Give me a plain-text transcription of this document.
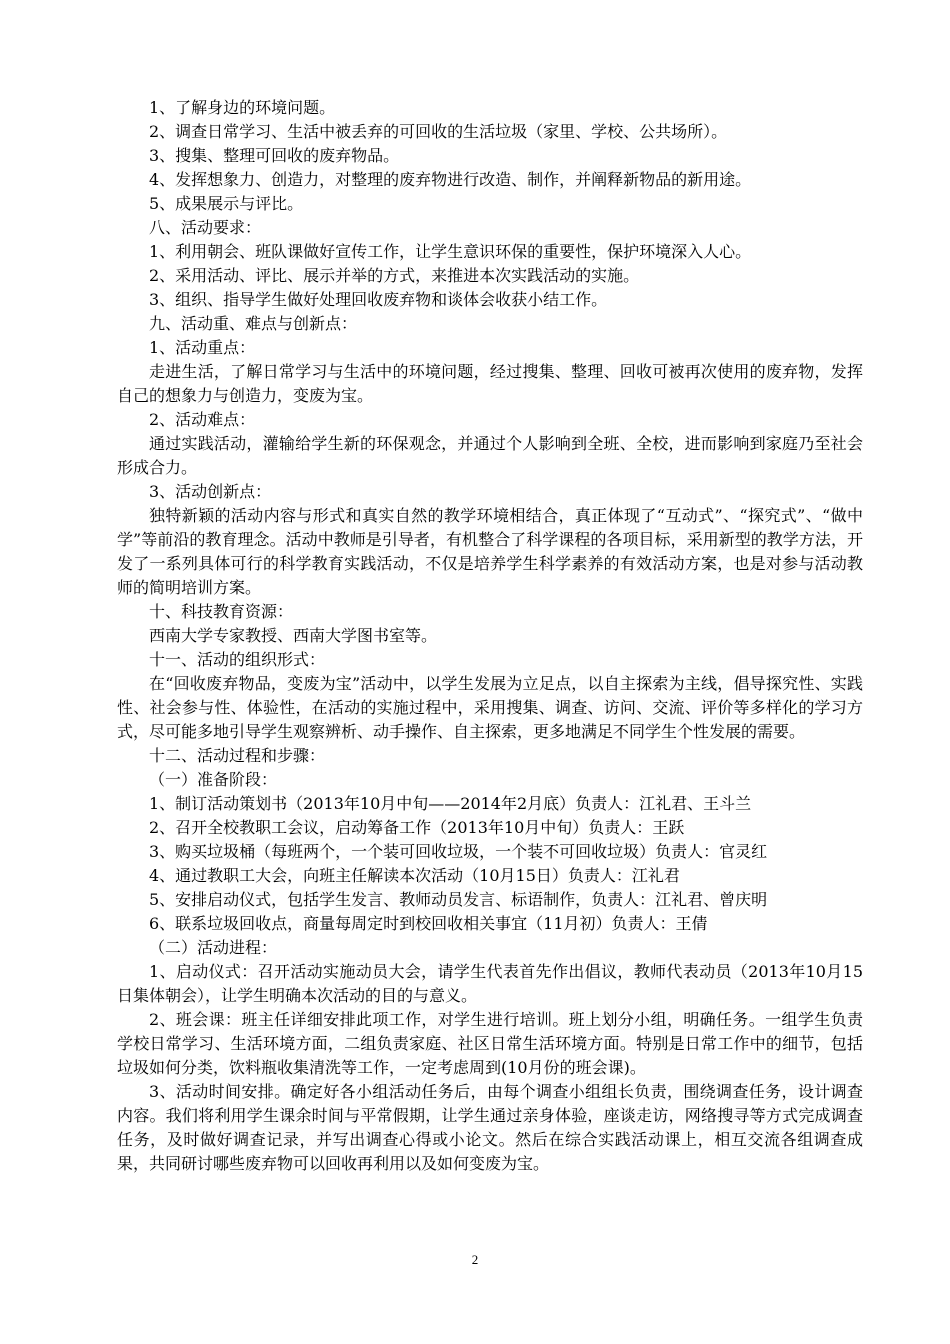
1、了解身边的环境问题。

2、调查日常学习、生活中被丢弃的可回收的生活垃圾（家里、学校、公共场所）。

3、搜集、整理可回收的废弃物品。

4、发挥想象力、创造力，对整理的废弃物进行改造、制作，并阐释新物品的新用途。

5、成果展示与评比。

八、活动要求：

1、利用朝会、班队课做好宣传工作，让学生意识环保的重要性，保护环境深入人心。

2、采用活动、评比、展示并举的方式，来推进本次实践活动的实施。

3、组织、指导学生做好处理回收废弃物和谈体会收获小结工作。

九、活动重、难点与创新点：

1、活动重点：

走进生活，了解日常学习与生活中的环境问题，经过搜集、整理、回收可被再次使用的废弃物，发挥自己的想象力与创造力，变废为宝。

2、活动难点：

通过实践活动，灌输给学生新的环保观念，并通过个人影响到全班、全校，进而影响到家庭乃至社会形成合力。

3、活动创新点：

独特新颖的活动内容与形式和真实自然的教学环境相结合，真正体现了“互动式”、“探究式”、“做中学”等前沿的教育理念。活动中教师是引导者，有机整合了科学课程的各项目标，采用新型的教学方法，开发了一系列具体可行的科学教育实践活动，不仅是培养学生科学素养的有效活动方案，也是对参与活动教师的简明培训方案。

十、科技教育资源：

西南大学专家教授、西南大学图书室等。

十一、活动的组织形式：

在“回收废弃物品，变废为宝”活动中，以学生发展为立足点，以自主探索为主线，倡导探究性、实践性、社会参与性、体验性，在活动的实施过程中，采用搜集、调查、访问、交流、评价等多样化的学习方式，尽可能多地引导学生观察辨析、动手操作、自主探索，更多地满足不同学生个性发展的需要。

十二、活动过程和步骤：

（一）准备阶段：

1、制订活动策划书（2013年10月中旬——2014年2月底）负责人：江礼君、王斗兰

2、召开全校教职工会议，启动筹备工作（2013年10月中旬）负责人：王跃

3、购买垃圾桶（每班两个，一个装可回收垃圾，一个装不可回收垃圾）负责人：官灵红

4、通过教职工大会，向班主任解读本次活动（10月15日）负责人：江礼君

5、安排启动仪式，包括学生发言、教师动员发言、标语制作，负责人：江礼君、曾庆明

6、联系垃圾回收点，商量每周定时到校回收相关事宜（11月初）负责人：王倩

（二）活动进程：

1、启动仪式：召开活动实施动员大会，请学生代表首先作出倡议，教师代表动员（2013年10月15日集体朝会），让学生明确本次活动的目的与意义。

2、班会课：班主任详细安排此项工作，对学生进行培训。班上划分小组，明确任务。一组学生负责学校日常学习、生活环境方面，二组负责家庭、社区日常生活环境方面。特别是日常工作中的细节，包括垃圾如何分类，饮料瓶收集清洗等工作，一定考虑周到(10月份的班会课)。

3、活动时间安排。确定好各小组活动任务后，由每个调查小组组长负责，围绕调查任务，设计调查内容。我们将利用学生课余时间与平常假期，让学生通过亲身体验，座谈走访，网络搜寻等方式完成调查任务，及时做好调查记录，并写出调查心得或小论文。然后在综合实践活动课上，相互交流各组调查成果，共同研讨哪些废弃物可以回收再利用以及如何变废为宝。

2
